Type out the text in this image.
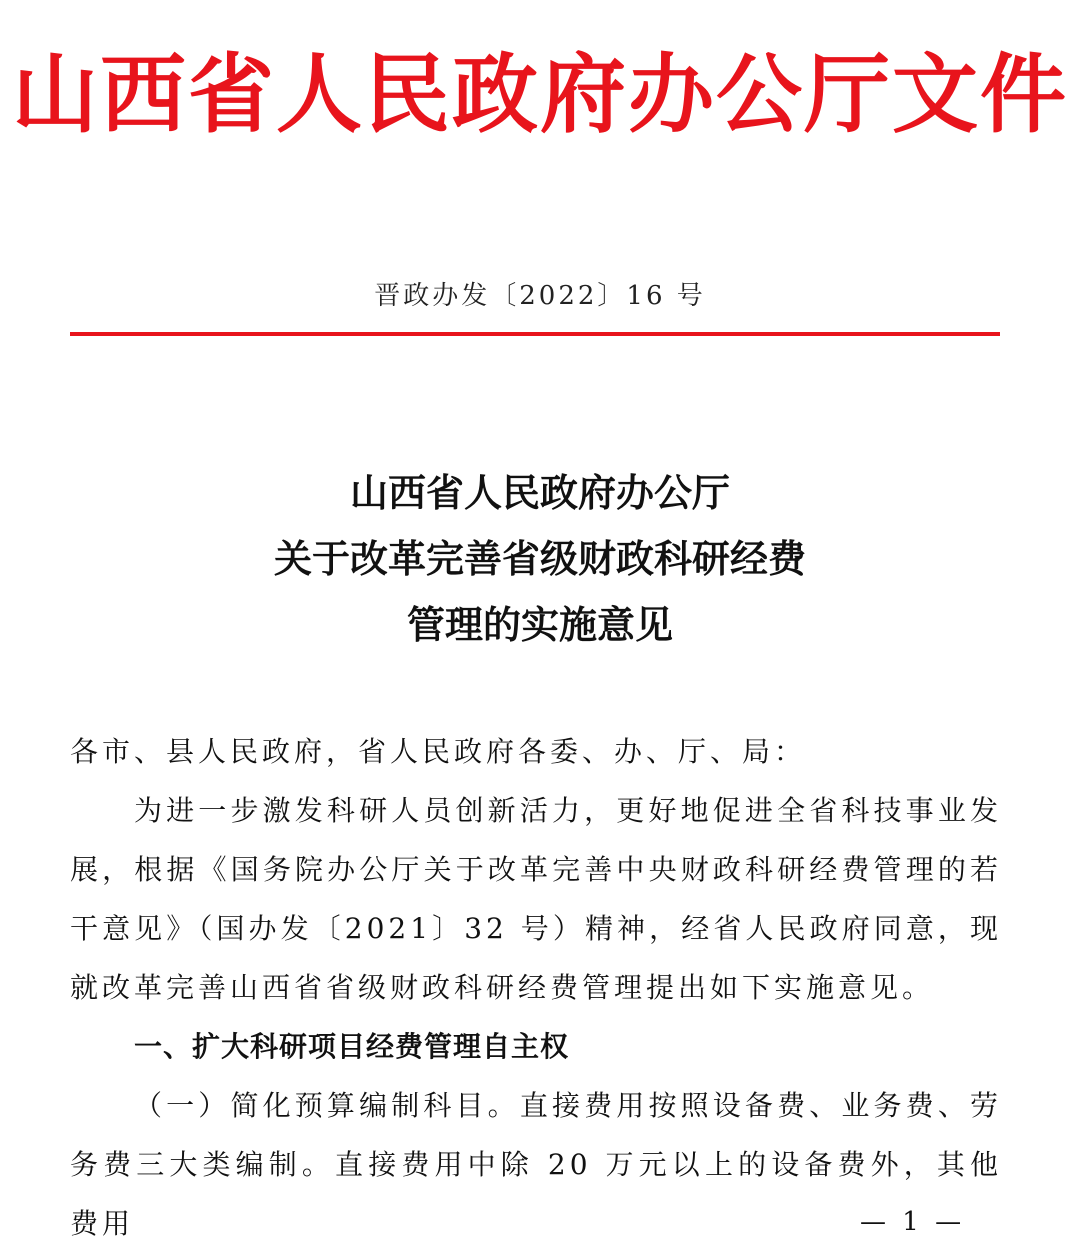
山西省人民政府办公厅文件
晋政办发〔2022〕16 号
山西省人民政府办公厅
关于改革完善省级财政科研经费
管理的实施意见

各市、县人民政府，省人民政府各委、办、厅、局：

为进一步激发科研人员创新活力，更好地促进全省科技事业发展，根据《国务院办公厅关于改革完善中央财政科研经费管理的若干意见》（国办发〔2021〕32 号）精神，经省人民政府同意，现就改革完善山西省省级财政科研经费管理提出如下实施意见。

一、扩大科研项目经费管理自主权

（一）简化预算编制科目。直接费用按照设备费、业务费、劳务费三大类编制。直接费用中除 20 万元以上的设备费外，其他费用	— 1 —
